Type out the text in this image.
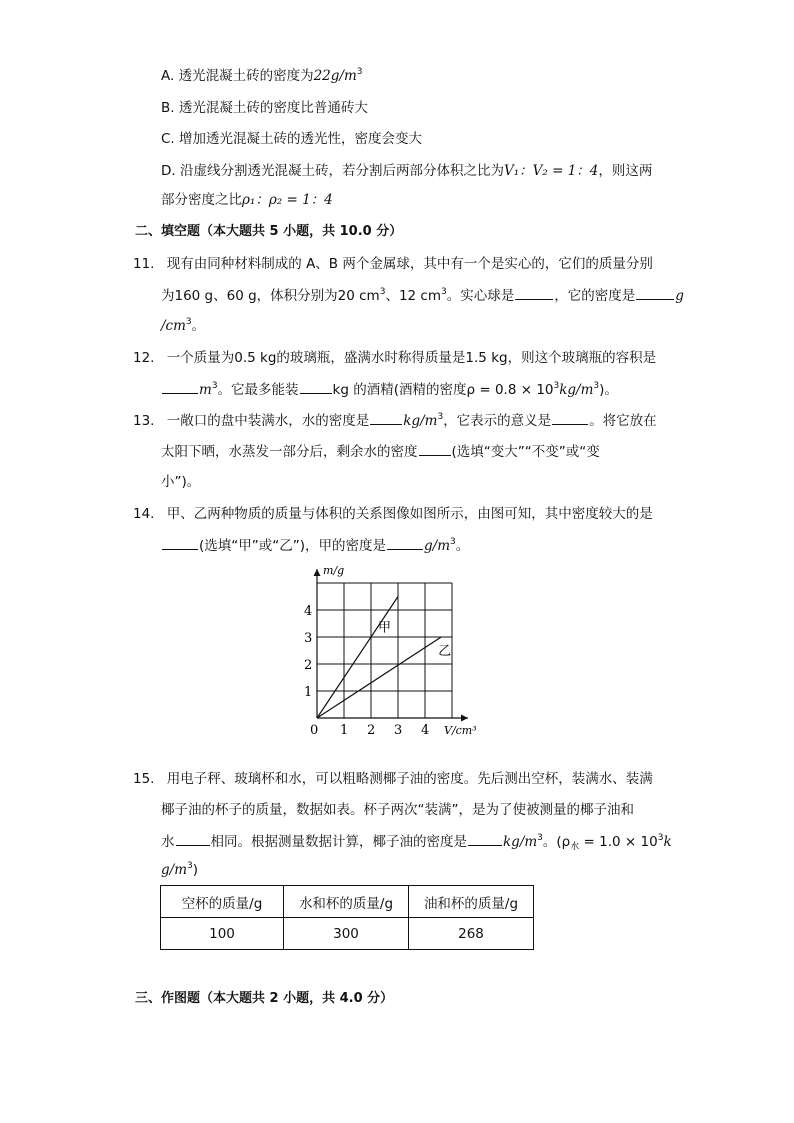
A. 透光混凝土砖的密度为$22g/m^3$
B. 透光混凝土砖的密度比普通砖大
C. 增加透光混凝土砖的透光性，密度会变大
D. 沿虚线分割透光混凝土砖，若分割后两部分体积之比为V₁：V₂ = 1：4，则这两
部分密度之比ρ₁：ρ₂ = 1：4
二、填空题（本大题共 5 小题，共 10.0 分）
11. 现有由同种材料制成的 A、B 两个金属球，其中有一个是实心的，它们的质量分别
为160 g、60 g，体积分别为20 $cm^3$、12 $cm^3$。实心球是	，它的密度是	g
$/cm^3$。
12. 一个质量为0.5 kg的玻璃瓶，盛满水时称得质量是1.5 kg，则这个玻璃瓶的容积是
$m^3$。它最多能装	kg 的酒精(酒精的密度$\rho = 0.8 \times 10^3kg/m^3$)。
13. 一敞口的盘中装满水，水的密度是	$kg/m^3$，它表示的意义是	。将它放在
太阳下晒，水蒸发一部分后，剩余水的密度	(选填“变大”“不变”或“变
小”)。
14. 甲、乙两种物质的质量与体积的关系图像如图所示，由图可知，其中密度较大的是
(选填“甲”或“乙”)，甲的密度是	$g/m^3$。
0 1 2 3 4
1
2
3
4
V/cm³
m/g
甲
乙
15. 用电子秤、玻璃杯和水，可以粗略测椰子油的密度。先后测出空杯，装满水、装满
椰子油的杯子的质量，数据如表。杯子两次“装满”，是为了使被测量的椰子油和
水	相同。根据测量数据计算，椰子油的密度是	$kg/m^3$。($\rho_水 = 1.0 \times 10^3k$
$g/m^3$)
空杯的质量/g	水和杯的质量/g	油和杯的质量/g
100	300	268
三、作图题（本大题共 2 小题，共 4.0 分）
